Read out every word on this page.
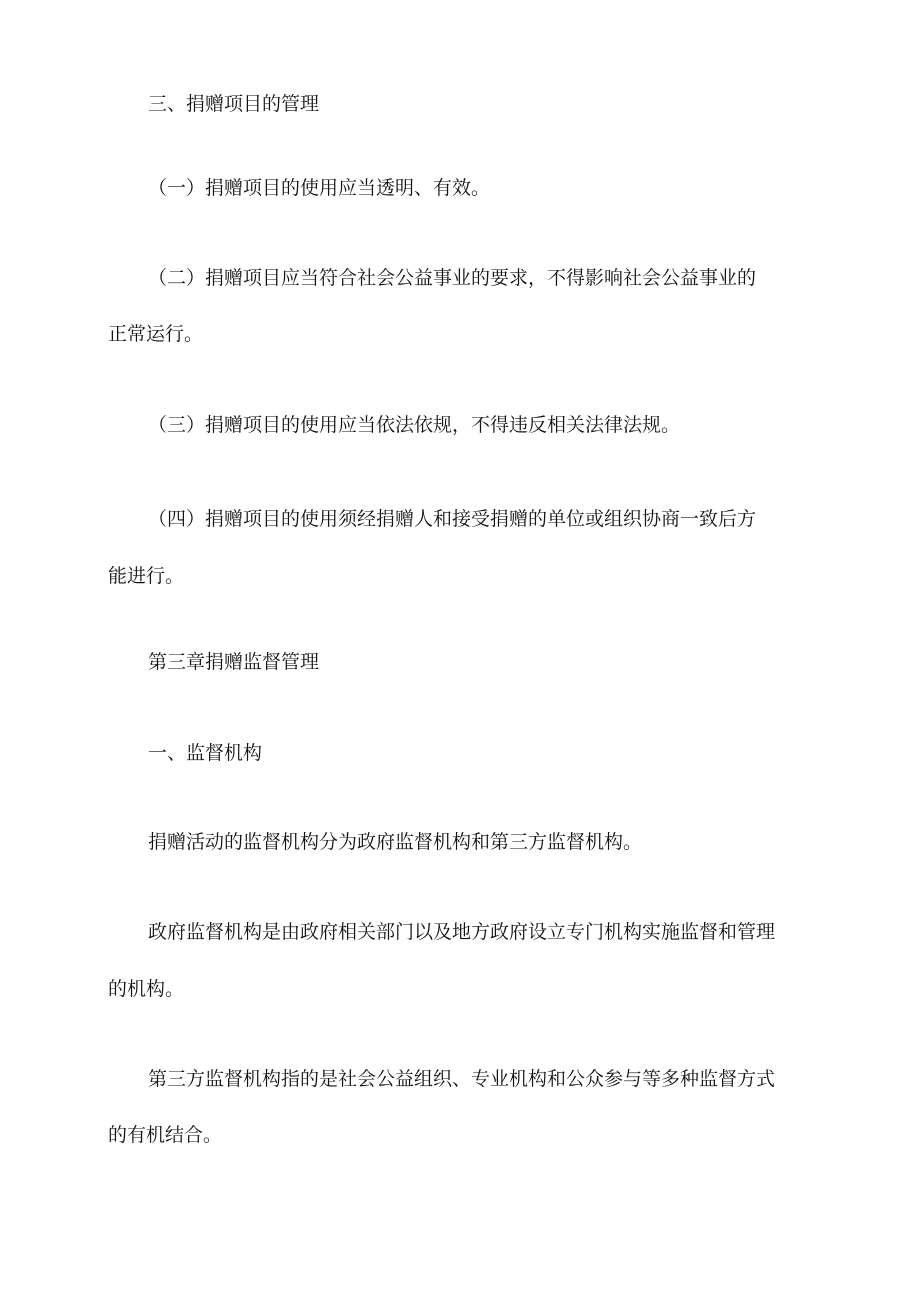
三、捐赠项目的管理
（一）捐赠项目的使用应当透明、有效。
（二）捐赠项目应当符合社会公益事业的要求，不得影响社会公益事业的
正常运行。
（三）捐赠项目的使用应当依法依规，不得违反相关法律法规。
（四）捐赠项目的使用须经捐赠人和接受捐赠的单位或组织协商一致后方
能进行。
第三章捐赠监督管理
一、监督机构
捐赠活动的监督机构分为政府监督机构和第三方监督机构。
政府监督机构是由政府相关部门以及地方政府设立专门机构实施监督和管理
的机构。
第三方监督机构指的是社会公益组织、专业机构和公众参与等多种监督方式
的有机结合。
